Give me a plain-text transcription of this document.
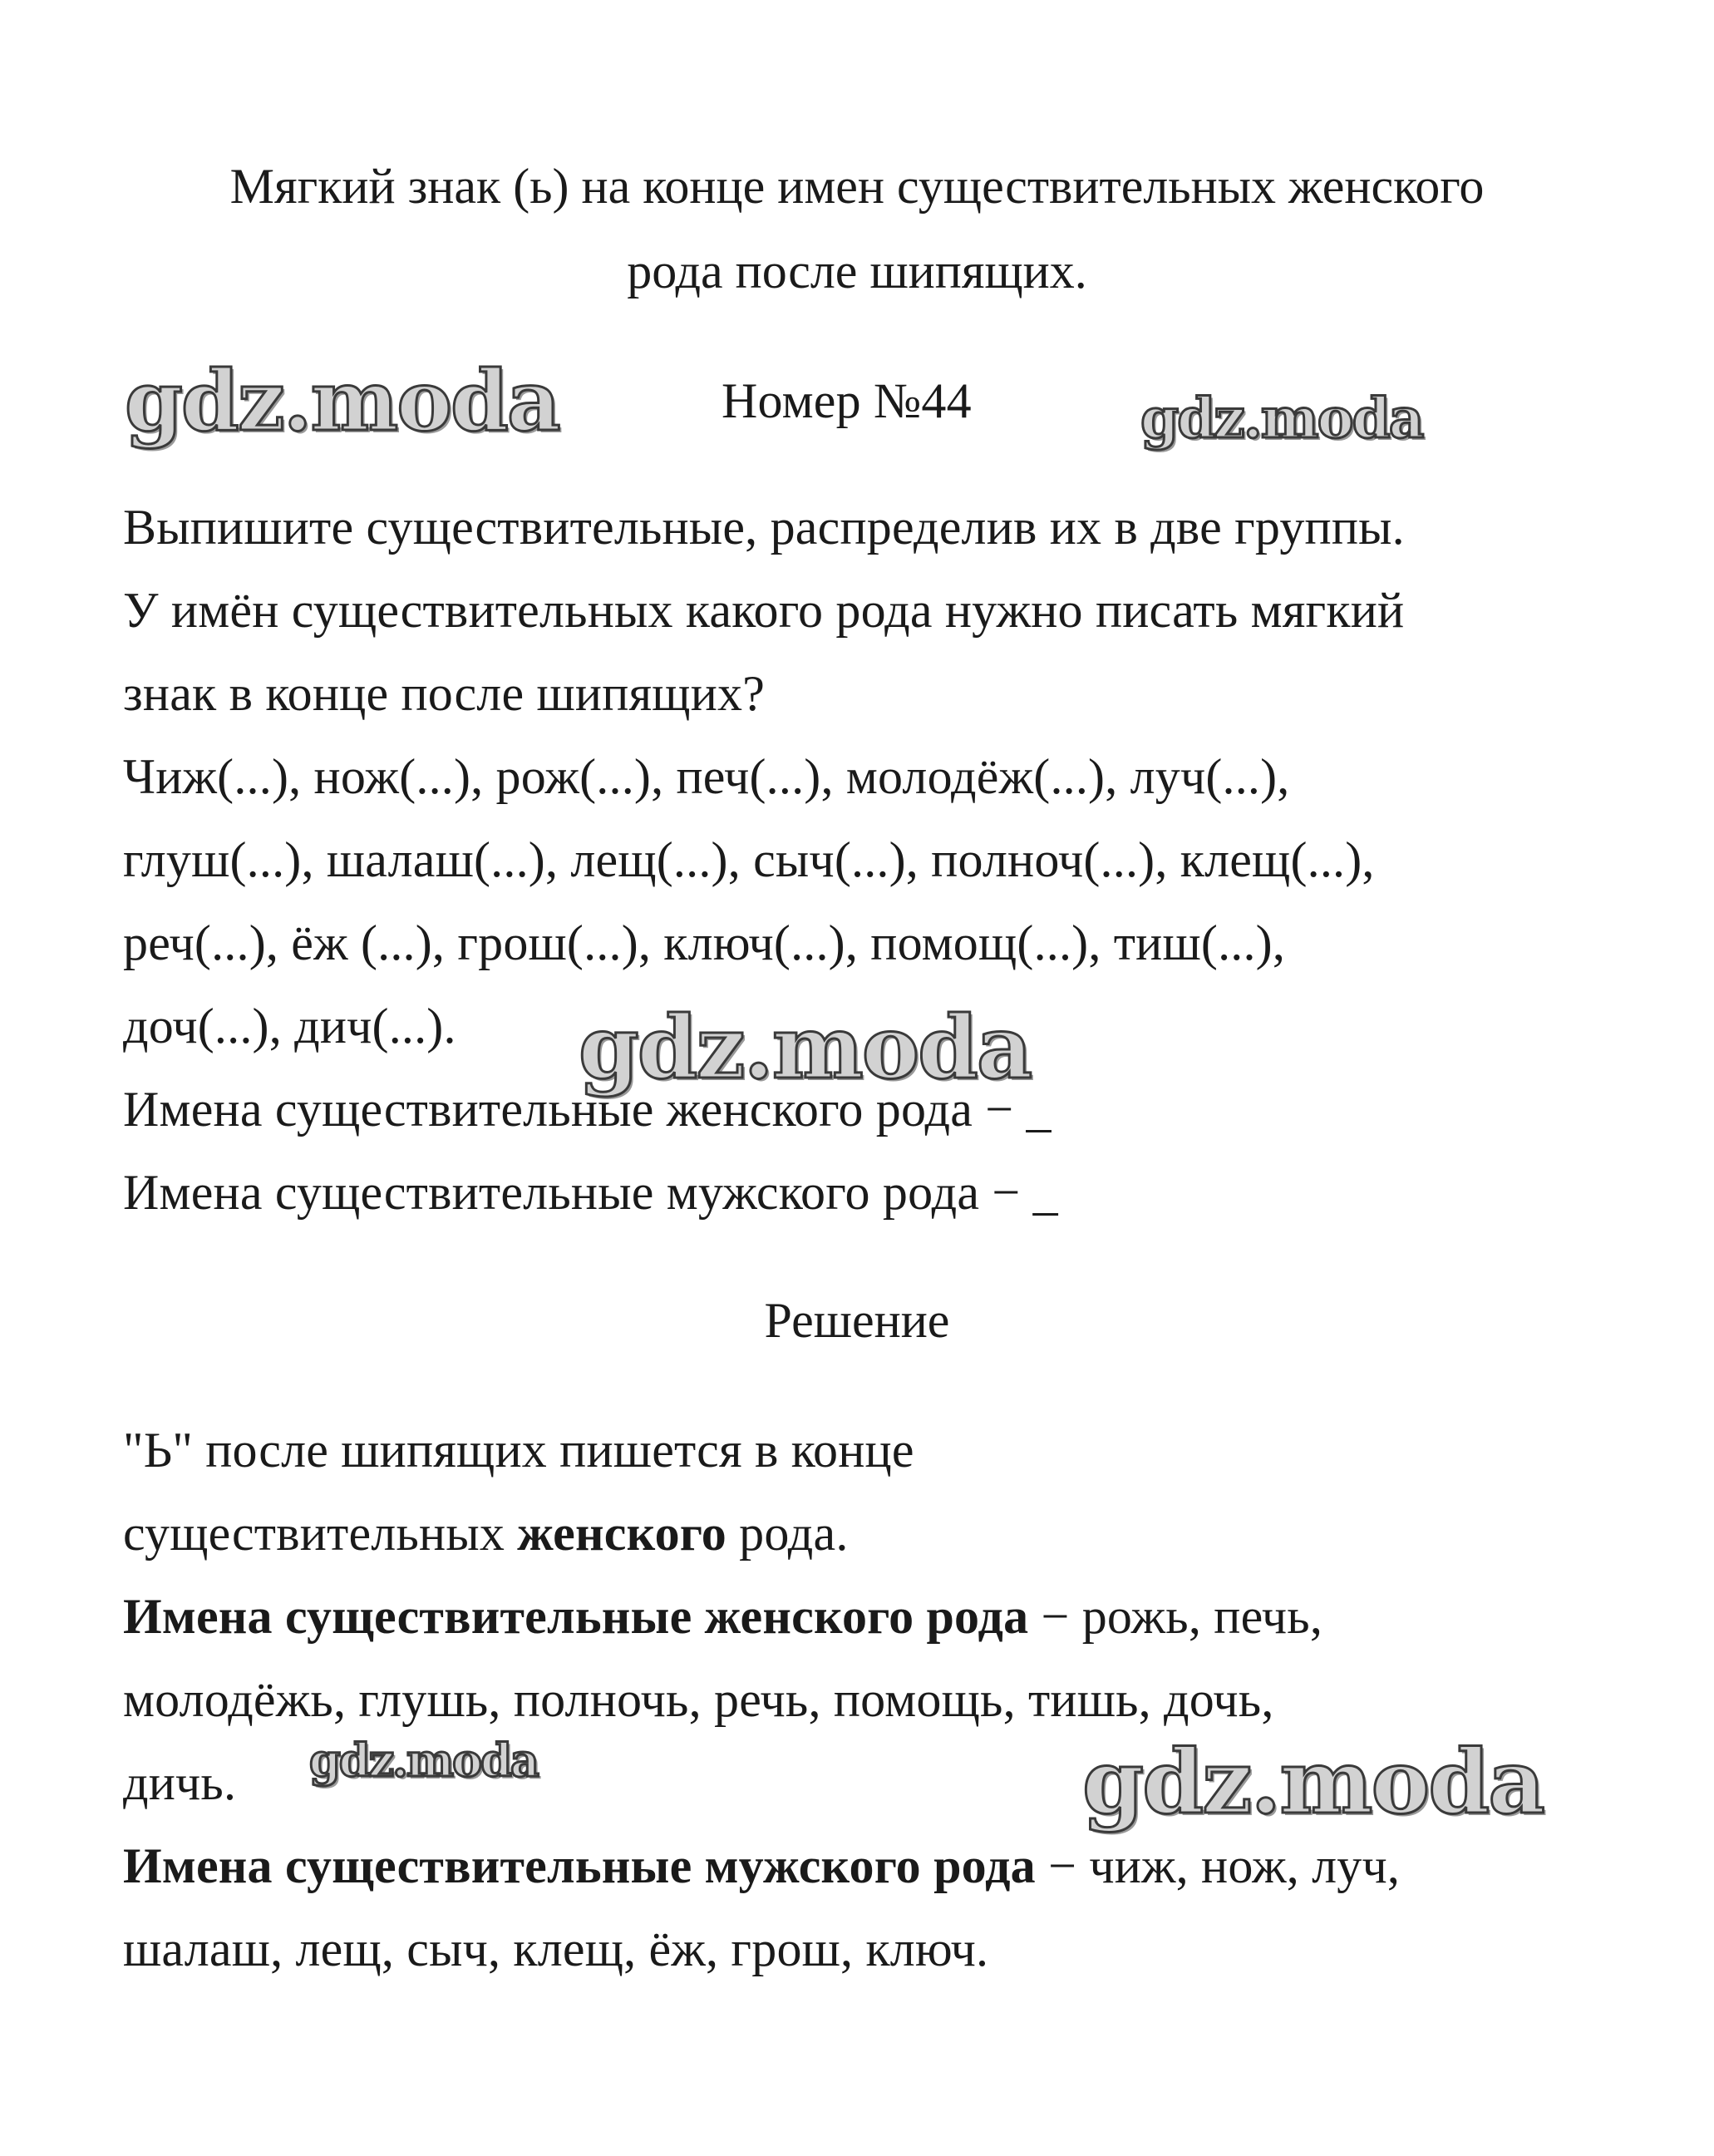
Мягкий знак (ь) на конце имен существительных женского
рода после шипящих.
gdz.moda	Номер №44	gdz.moda
Выпишите существительные, распределив их в две группы.
У имён существительных какого рода нужно писать мягкий
знак в конце после шипящих?
Чиж(...), нож(...), рож(...), печ(...), молодёж(...), луч(...),
глуш(...), шалаш(...), лещ(...), сыч(...), полноч(...), клещ(...),
реч(...), ёж (...), грош(...), ключ(...), помощ(...), тиш(...),
доч(...), дич(...). gdz.moda
Имена существительные женского рода − _
Имена существительные мужского рода − _
Решение
"Ь" после шипящих пишется в конце
существительных женского рода.
Имена существительные женского рода − рожь, печь,
молодёжь, глушь, полночь, речь, помощь, тишь, дочь,
дичь. gdz.moda	gdz.moda
Имена существительные мужского рода − чиж, нож, луч,
шалаш, лещ, сыч, клещ, ёж, грош, ключ.
